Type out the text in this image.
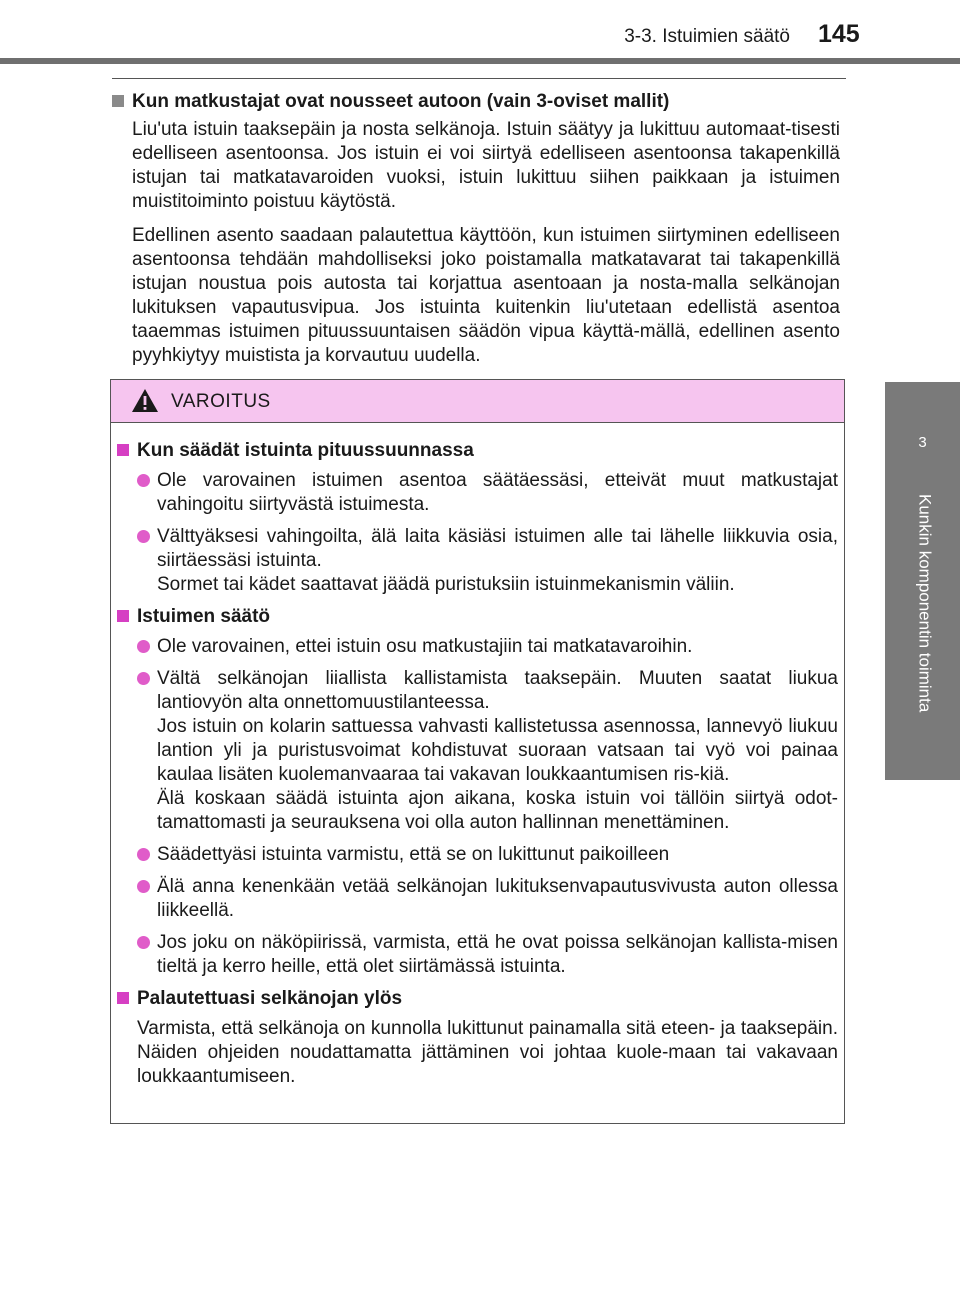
3-3. Istuimien säätö 145
3
Kunkin komponentin toiminta
Kun matkustajat ovat nousseet autoon (vain 3-oviset mallit)
Liu'uta istuin taaksepäin ja nosta selkänoja. Istuin säätyy ja lukittuu automaat-tisesti edelliseen asentoonsa. Jos istuin ei voi siirtyä edelliseen asentoonsa takapenkillä istujan tai matkatavaroiden vuoksi, istuin lukittuu siihen paikkaan ja istuimen muistitoiminto poistuu käytöstä.
Edellinen asento saadaan palautettua käyttöön, kun istuimen siirtyminen edelliseen asentoonsa tehdään mahdolliseksi joko poistamalla matkatavarat tai takapenkillä istujan noustua pois autosta tai korjattua asentoaan ja nosta-malla selkänojan lukituksen vapautusvipua. Jos istuinta kuitenkin liu'utetaan edellistä asentoa taaemmas istuimen pituussuuntaisen säädön vipua käyttä-mällä, edellinen asento pyyhkiytyy muistista ja korvautuu uudella.
VAROITUS
Kun säädät istuinta pituussuunnassa
Ole varovainen istuimen asentoa säätäessäsi, etteivät muut matkustajat vahingoitu siirtyvästä istuimesta.
Välttyäksesi vahingoilta, älä laita käsiäsi istuimen alle tai lähelle liikkuvia osia, siirtäessäsi istuinta.
Sormet tai kädet saattavat jäädä puristuksiin istuinmekanismin väliin.
Istuimen säätö
Ole varovainen, ettei istuin osu matkustajiin tai matkatavaroihin.
Vältä selkänojan liiallista kallistamista taaksepäin. Muuten saatat liukua lantiovyön alta onnettomuustilanteessa.
Jos istuin on kolarin sattuessa vahvasti kallistetussa asennossa, lannevyö liukuu lantion yli ja puristusvoimat kohdistuvat suoraan vatsaan tai vyö voi painaa kaulaa lisäten kuolemanvaaraa tai vakavan loukkaantumisen ris-kiä.
Älä koskaan säädä istuinta ajon aikana, koska istuin voi tällöin siirtyä odot-tamattomasti ja seurauksena voi olla auton hallinnan menettäminen.
Säädettyäsi istuinta varmistu, että se on lukittunut paikoilleen
Älä anna kenenkään vetää selkänojan lukituksenvapautusvivusta auton ollessa liikkeellä.
Jos joku on näköpiirissä, varmista, että he ovat poissa selkänojan kallista-misen tieltä ja kerro heille, että olet siirtämässä istuinta.
Palautettuasi selkänojan ylös
Varmista, että selkänoja on kunnolla lukittunut painamalla sitä eteen- ja taaksepäin. Näiden ohjeiden noudattamatta jättäminen voi johtaa kuole-maan tai vakavaan loukkaantumiseen.
